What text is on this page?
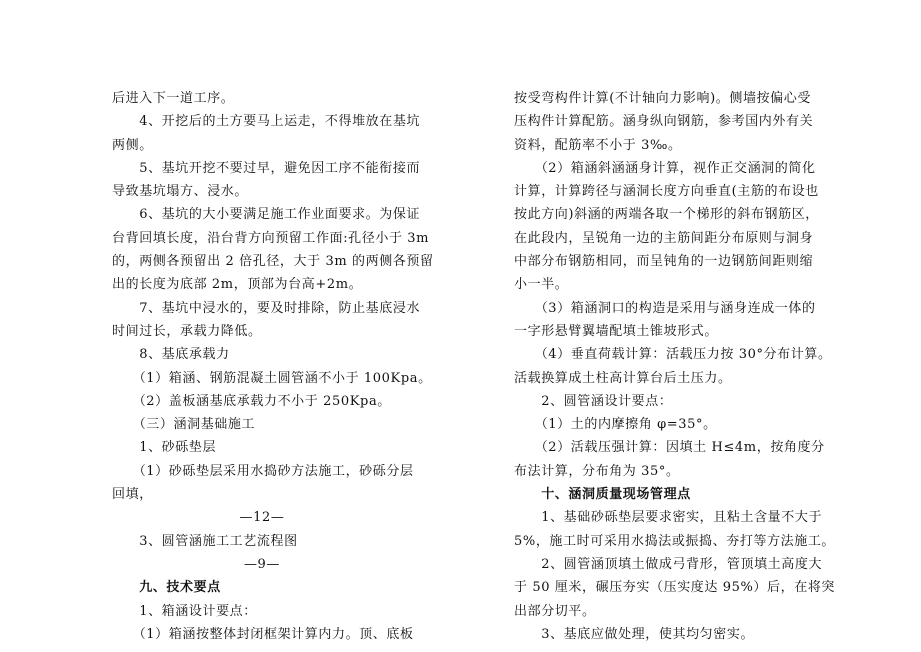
后进入下一道工序。

　　4、开挖后的土方要马上运走，不得堆放在基坑

两侧。

　　5、基坑开挖不要过早，避免因工序不能衔接而

导致基坑塌方、浸水。

　　6、基坑的大小要满足施工作业面要求。为保证

台背回填长度，沿台背方向预留工作面:孔径小于 3m

的，两侧各预留出 2 倍孔径，大于 3m 的两侧各预留

出的长度为底部 2m，顶部为台高+2m。

　　7、基坑中浸水的，要及时排除，防止基底浸水

时间过长，承载力降低。

　　8、基底承载力

　　（1）箱涵、钢筋混凝土圆管涵不小于 100Kpa。

　　（2）盖板涵基底承载力不小于 250Kpa。

　　（三）涵洞基础施工

　　1、砂砾垫层

　　（1）砂砾垫层采用水捣砂方法施工，砂砾分层

回填，

—12—

　　3、圆管涵施工工艺流程图

—9—

　　九、技术要点

　　1、箱涵设计要点：

　　（1）箱涵按整体封闭框架计算内力。顶、底板

按受弯构件计算(不计轴向力影响)。侧墙按偏心受

压构件计算配筋。涵身纵向钢筋，参考国内外有关

资料，配筋率不小于 3‰。

　　（2）箱涵斜涵涵身计算，视作正交涵洞的简化

计算，计算跨径与涵洞长度方向垂直(主筋的布设也

按此方向)斜涵的两端各取一个梯形的斜布钢筋区，

在此段内，呈锐角一边的主筋间距分布原则与洞身

中部分布钢筋相同，而呈钝角的一边钢筋间距则缩

小一半。

　　（3）箱涵洞口的构造是采用与涵身连成一体的

一字形悬臂翼墙配填土锥坡形式。

　　（4）垂直荷载计算：活载压力按 30°分布计算。

活载换算成土柱高计算台后土压力。

　　2、圆管涵设计要点：

　　（1）土的内摩擦角 φ=35°。

　　（2）活载压强计算：因填土 H≤4m，按角度分

布法计算，分布角为 35°。

　　十、涵洞质量现场管理点

　　1、基础砂砾垫层要求密实，且粘土含量不大于

5%，施工时可采用水捣法或振捣、夯打等方法施工。

　　2、圆管涵顶填土做成弓背形，管顶填土高度大

于 50 厘米，碾压夯实（压实度达 95%）后，在将突

出部分切平。

　　3、基底应做处理，使其均匀密实。
